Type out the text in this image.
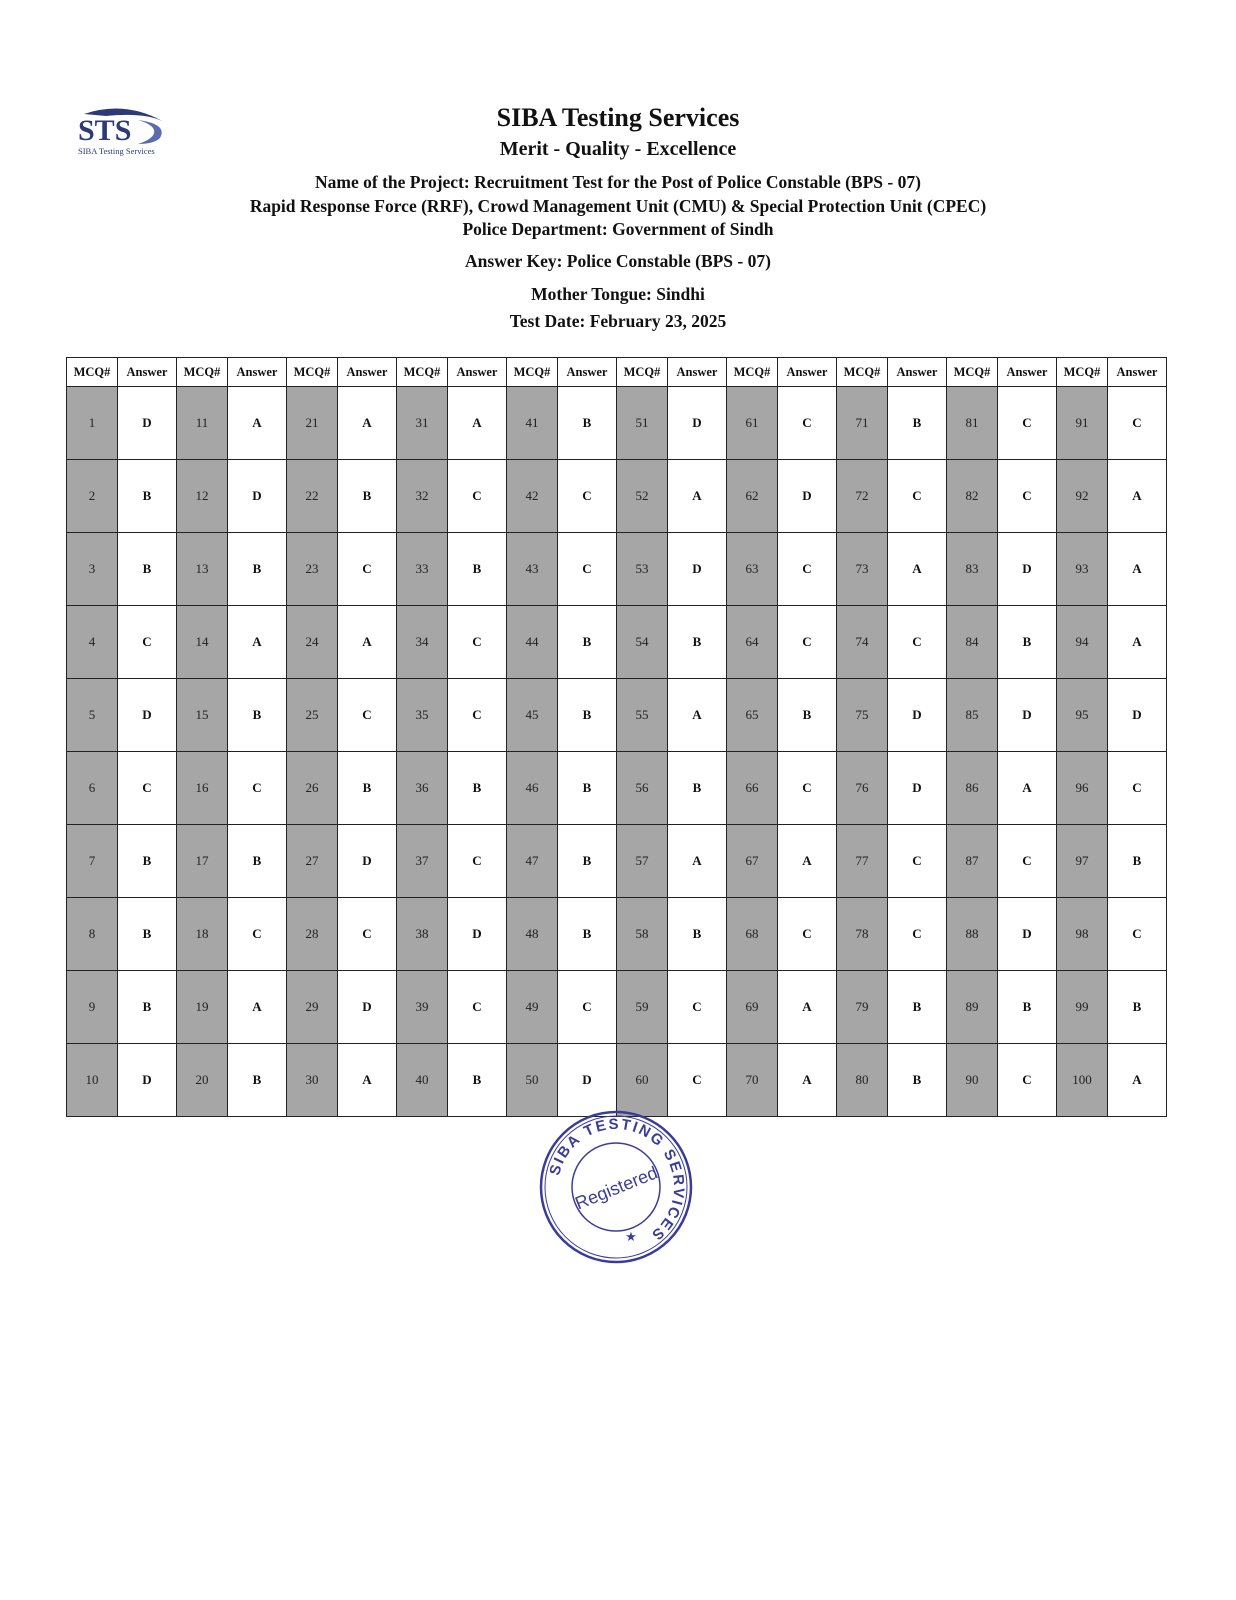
STS
SIBA Testing Services
SIBA Testing Services
Merit - Quality - Excellence
Name of the Project: Recruitment Test for the Post of Police Constable (BPS - 07)
Rapid Response Force (RRF), Crowd Management Unit (CMU) & Special Protection Unit (CPEC)
Police Department: Government of Sindh
Answer Key: Police Constable (BPS - 07)
Mother Tongue: Sindhi
Test Date: February 23, 2025
MCQ#	Answer	MCQ#	Answer	MCQ#	Answer	MCQ#	Answer	MCQ#	Answer	MCQ#	Answer	MCQ#	Answer	MCQ#	Answer	MCQ#	Answer	MCQ#	Answer
1	D	11	A	21	A	31	A	41	B	51	D	61	C	71	B	81	C	91	C
2	B	12	D	22	B	32	C	42	C	52	A	62	D	72	C	82	C	92	A
3	B	13	B	23	C	33	B	43	C	53	D	63	C	73	A	83	D	93	A
4	C	14	A	24	A	34	C	44	B	54	B	64	C	74	C	84	B	94	A
5	D	15	B	25	C	35	C	45	B	55	A	65	B	75	D	85	D	95	D
6	C	16	C	26	B	36	B	46	B	56	B	66	C	76	D	86	A	96	C
7	B	17	B	27	D	37	C	47	B	57	A	67	A	77	C	87	C	97	B
8	B	18	C	28	C	38	D	48	B	58	B	68	C	78	C	88	D	98	C
9	B	19	A	29	D	39	C	49	C	59	C	69	A	79	B	89	B	99	B
10	D	20	B	30	A	40	B	50	D	60	C	70	A	80	B	90	C	100	A
SIBA TESTING SERVICES
Registered
★
